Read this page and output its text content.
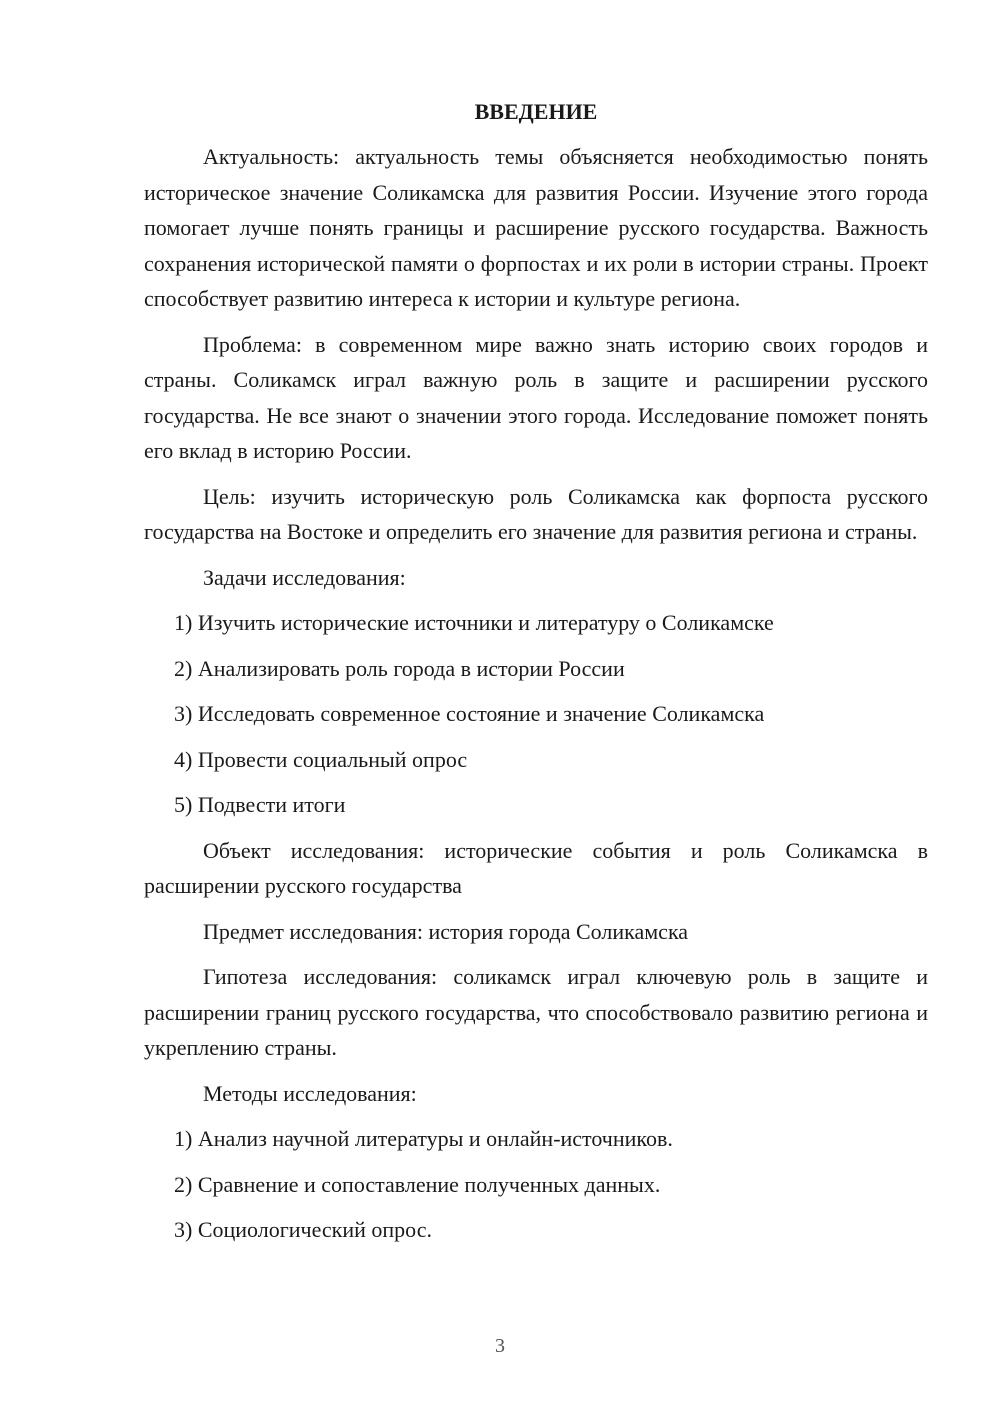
ВВЕДЕНИЕ

Актуальность: актуальность темы объясняется необходимостью понять историческое значение Соликамска для развития России. Изучение этого города помогает лучше понять границы и расширение русского государства. Важность сохранения исторической памяти о форпостах и их роли в истории страны. Проект способствует развитию интереса к истории и культуре региона.

Проблема: в современном мире важно знать историю своих городов и страны. Соликамск играл важную роль в защите и расширении русского государства. Не все знают о значении этого города. Исследование поможет понять его вклад в историю России.

Цель: изучить историческую роль Соликамска как форпоста русского государства на Востоке и определить его значение для развития региона и страны.

Задачи исследования:

1) Изучить исторические источники и литературу о Соликамске

2) Анализировать роль города в истории России

3) Исследовать современное состояние и значение Соликамска

4) Провести социальный опрос

5) Подвести итоги

Объект исследования: исторические события и роль Соликамска в расширении русского государства

Предмет исследования: история города Соликамска

Гипотеза исследования: соликамск играл ключевую роль в защите и расширении границ русского государства, что способствовало развитию региона и укреплению страны.

Методы исследования:

1) Анализ научной литературы и онлайн-источников.

2) Сравнение и сопоставление полученных данных.

3) Социологический опрос.

3
